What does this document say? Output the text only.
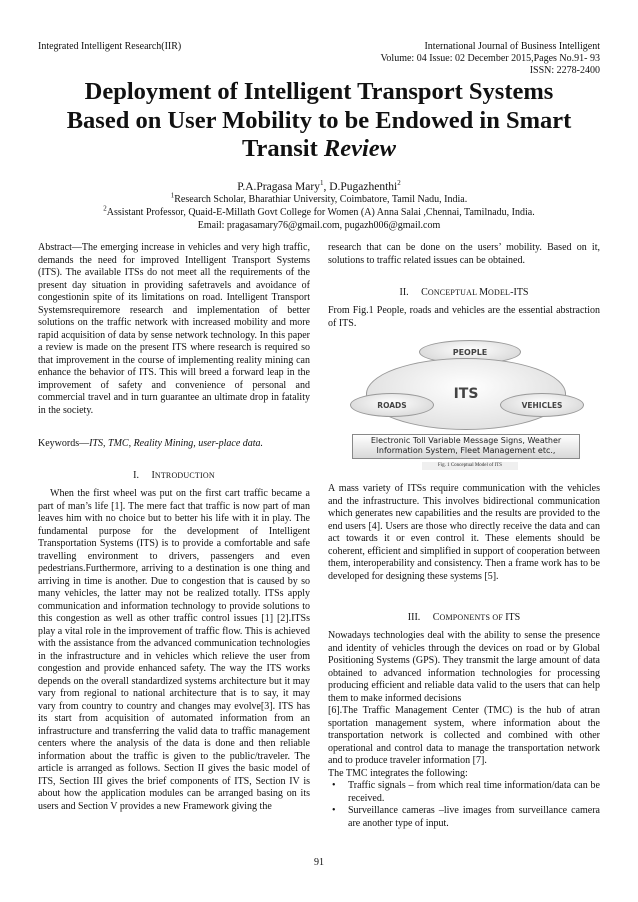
Integrated Intelligent Research(IIR)	International Journal of Business Intelligent
Volume: 04 Issue: 02 December 2015,Pages No.91- 93
ISSN: 2278-2400
Deployment of Intelligent Transport Systems
Based on User Mobility to be Endowed in Smart
Transit Review
P.A.Pragasa Mary$^1$, D.Pugazhenthi$^2$
$^1$Research Scholar, Bharathiar University, Coimbatore, Tamil Nadu, India.
$^2$Assistant Professor, Quaid-E-Millath Govt College for Women (A) Anna Salai ,Chennai, Tamilnadu, India.
Email: pragasamary76@gmail.com, pugazh006@gmail.com
Abstract—The emerging increase in vehicles and very high traffic, demands the need for improved Intelligent Transport Systems (ITS). The available ITSs do not meet all the requirements of the present day situation in providing safetravels and avoidance of congestionin spite of its limitations on road. Intelligent Transport Systemsrequiremore research and implementation of better solutions on the traffic network with increased mobility and more rapid acquisition of data by sense network technology. In this paper a review is made on the present ITS where research is required so that improvement in the course of implementing reality mining can enhance the behavior of ITS. This will breed a forward leap in the improvement of safety and convenience of personal and commercial travel and in turn guarantee an ultimate drop in fatality in the society.
Keywords—ITS, TMC, Reality Mining, user-place data.
I. INTRODUCTION
When the first wheel was put on the first cart traffic became a part of man’s life [1]. The mere fact that traffic is now part of man leaves him with no choice but to better his life with it in play. The fundamental purpose for the development of Intelligent Transportation Systems (ITS) is to provide a comfortable and safe travelling environment to drivers, passengers and even pedestrians.Furthermore, arriving to a destination is one thing and arriving in time is another. Due to congestion that is caused by so many vehicles, the latter may not be realized totally. ITSs apply communication and information technology to provide solutions to this congestion as well as other traffic control issues [1] [2].ITSs play a vital role in the improvement of traffic flow. This is achieved with the assistance from the advanced communication technologies in the infrastructure and in vehicles which relieve the user from congestion and provide enhanced safety. The way the ITS works depends on the overall standardized systems architecture but it may vary from regional to national architecture that is to say, it may vary from country to country and changes may evolve[3]. ITS has its start from acquisition of automated information from an infrastructure and transferring the valid data to traffic management centers where the analysis of the data is done and then reliable information about the traffic is given to the public/traveler. The article is arranged as follows. Section II gives the basic model of ITS, Section III gives the brief components of ITS, Section IV is about how the application modules can be arranged basing on its users and Section V provides a new Framework giving the
research that can be done on the users’ mobility. Based on it, solutions to traffic related issues can be obtained.
II. CONCEPTUAL MODEL-ITS
From Fig.1 People, roads and vehicles are the essential abstraction of ITS.
PEOPLE
ITS
ROADS	VEHICLES
Electronic Toll Variable Message Signs, Weather
Information System, Fleet Management etc.,
Fig. 1 Conceptual Model of ITS
A mass variety of ITSs require communication with the vehicles and the infrastructure. This involves bidirectional communication which generates new capabilities and the results are provided to the end users [4]. Users are those who directly receive the data and can act towards it or even control it. These elements should be coherent, efficient and simplified in support of cooperation between them, interoperability and consistency. Then a frame work has to be developed for designing these systems [5].
III. COMPONENTS OF ITS
Nowadays technologies deal with the ability to sense the presence and identity of vehicles through the devices on road or by Global Positioning Systems (GPS). They transmit the large amount of data obtained to advanced information technologies for processing producing efficient and reliable data valid to the users that can help them to make informed decisions
[6].The Traffic Management Center (TMC) is the hub of atran sportation management system, where information about the transportation network is collected and combined with other operational and control data to manage the transportation network and to produce traveler information [7].
The TMC integrates the following:
• Traffic signals – from which real time information/data can be received.
• Surveillance cameras –live images from surveillance camera are another type of input.
91
